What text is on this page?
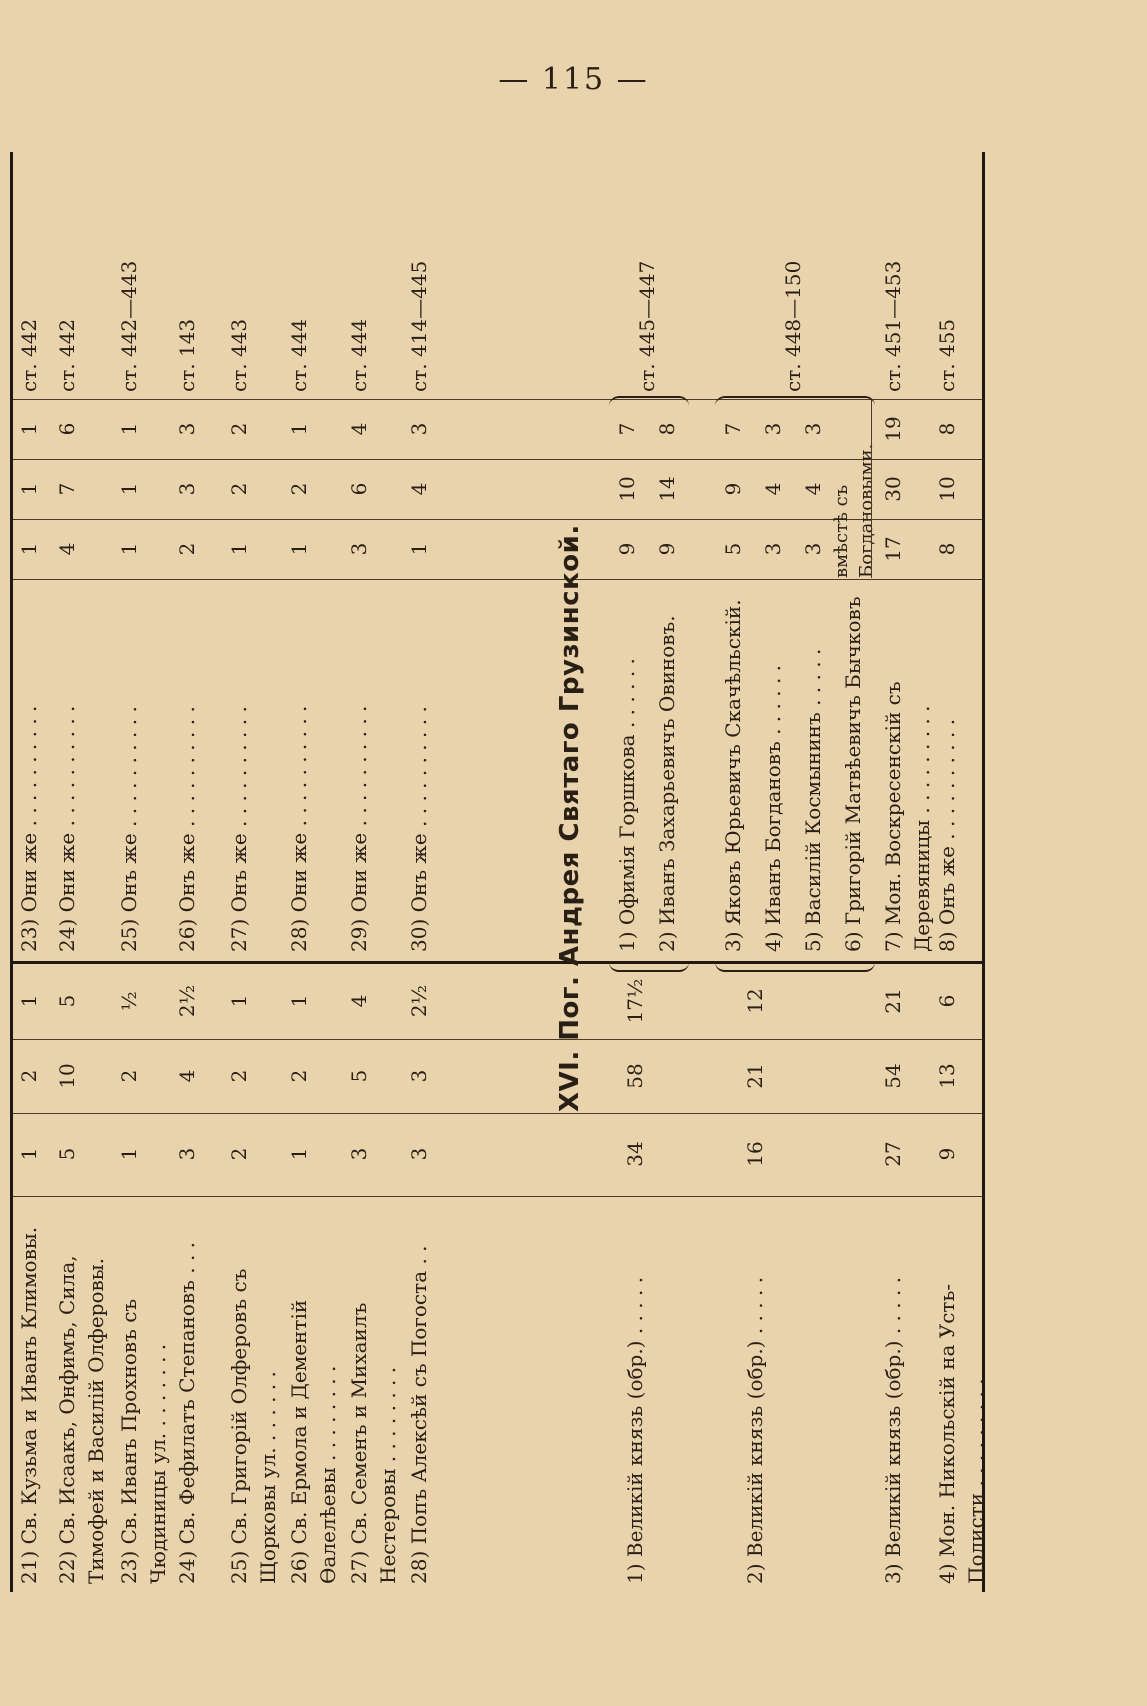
— 115 —
21) Св. Кузьма и Иванъ Климовы.
1
2
1
23) Они же . . . . . . . . . .
1
1
1
ст. 442
22) Св. Исаакъ, Онфимъ, Сила, Тимофей и Василій Олферовы.
5
10
5
24) Они же . . . . . . . . . .
4
7
6
ст. 442
23) Св. Иванъ Прохновъ съ Чюдиницы ул. . . . . . . .
1
2
½
25) Онъ же . . . . . . . . . .
1
1
1
ст. 442—443
24) Св. Фефилатъ Степановъ . . .
3
4
2½
26) Онъ же . . . . . . . . . .
2
3
3
ст. 143
25) Св. Григорій Олферовъ съ Щорковы ул. . . . . . .
2
2
1
27) Онъ же . . . . . . . . . .
1
2
2
ст. 443
26) Св. Ермола и Дементій Өалелѣевы . . . . . . . .
1
2
1
28) Они же . . . . . . . . . .
1
2
1
ст. 444
27) Св. Семенъ и Михаилъ Нестеровы . . . . . . . .
3
5
4
29) Они же . . . . . . . . . .
3
6
4
ст. 444
28) Попъ Алексѣй съ Погоста . .
3
3
2½
30) Онъ же . . . . . . . . . .
1
4
3
ст. 414—445
XVI. Пог. Андрея Святаго Грузинской.
1) Великій князь (обр.) . . . . .
34
58
17½
1) Офимія Горшкова . . . . . .
9
10
7
2) Иванъ Захарьевичъ Овиновъ.
9
14
8
ст. 445—447
2) Великій князь (обр.) . . . . .
16
21
12
3) Яковъ Юрьевичъ Скачѣльскій.
5
9
7
4) Иванъ Богдановъ . . . . . .
3
4
3
5) Василій Космынинъ . . . . .
3
4
3
6) Григорій Матвѣевичъ Бычковъ
вмѣстѣ съ Богдановыми.
ст. 448—150
3) Великій князь (обр.) . . . . .
27
54
21
7) Мон. Воскресенскій съ Деревяницы . . . . . . . . .
17
30
19
ст. 451—453
4) Мон. Никольскій на Усть-Полисти . . . . . . . . .
9
13
6
8) Онъ же . . . . . . . . . .
8
10
8
ст. 455
